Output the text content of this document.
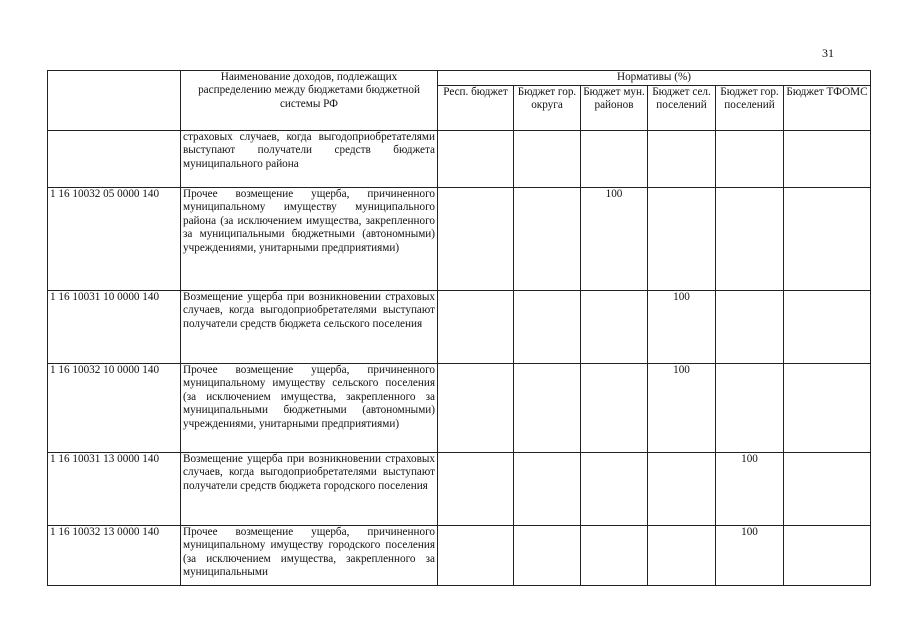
31
	Наименование доходов, подлежащих распределению между бюджетами бюджетной системы РФ	Нормативы (%)					
		Респ. бюджет	Бюджет гор. округа	Бюджет мун. районов	Бюджет сел. поселений	Бюджет гор. поселений	Бюджет ТФОМС
	страховых случаев, когда выгодоприобретателями выступают получатели средств бюджета муниципального района						
1 16 10032 05 0000 140	Прочее возмещение ущерба, причиненного муниципальному имуществу муниципального района (за исключением имущества, закрепленного за муниципальными бюджетными (автономными) учреждениями, унитарными предприятиями)			100			
1 16 10031 10 0000 140	Возмещение ущерба при возникновении страховых случаев, когда выгодоприобретателями выступают получатели средств бюджета сельского поселения				100		
1 16 10032 10 0000 140	Прочее возмещение ущерба, причиненного муниципальному имуществу сельского поселения (за исключением имущества, закрепленного за муниципальными бюджетными (автономными) учреждениями, унитарными предприятиями)				100		
1 16 10031 13 0000 140	Возмещение ущерба при возникновении страховых случаев, когда выгодоприобретателями выступают получатели средств бюджета городского поселения					100	
1 16 10032 13 0000 140	Прочее возмещение ущерба, причиненного муниципальному имуществу городского поселения (за исключением имущества, закрепленного за муниципальными					100	
